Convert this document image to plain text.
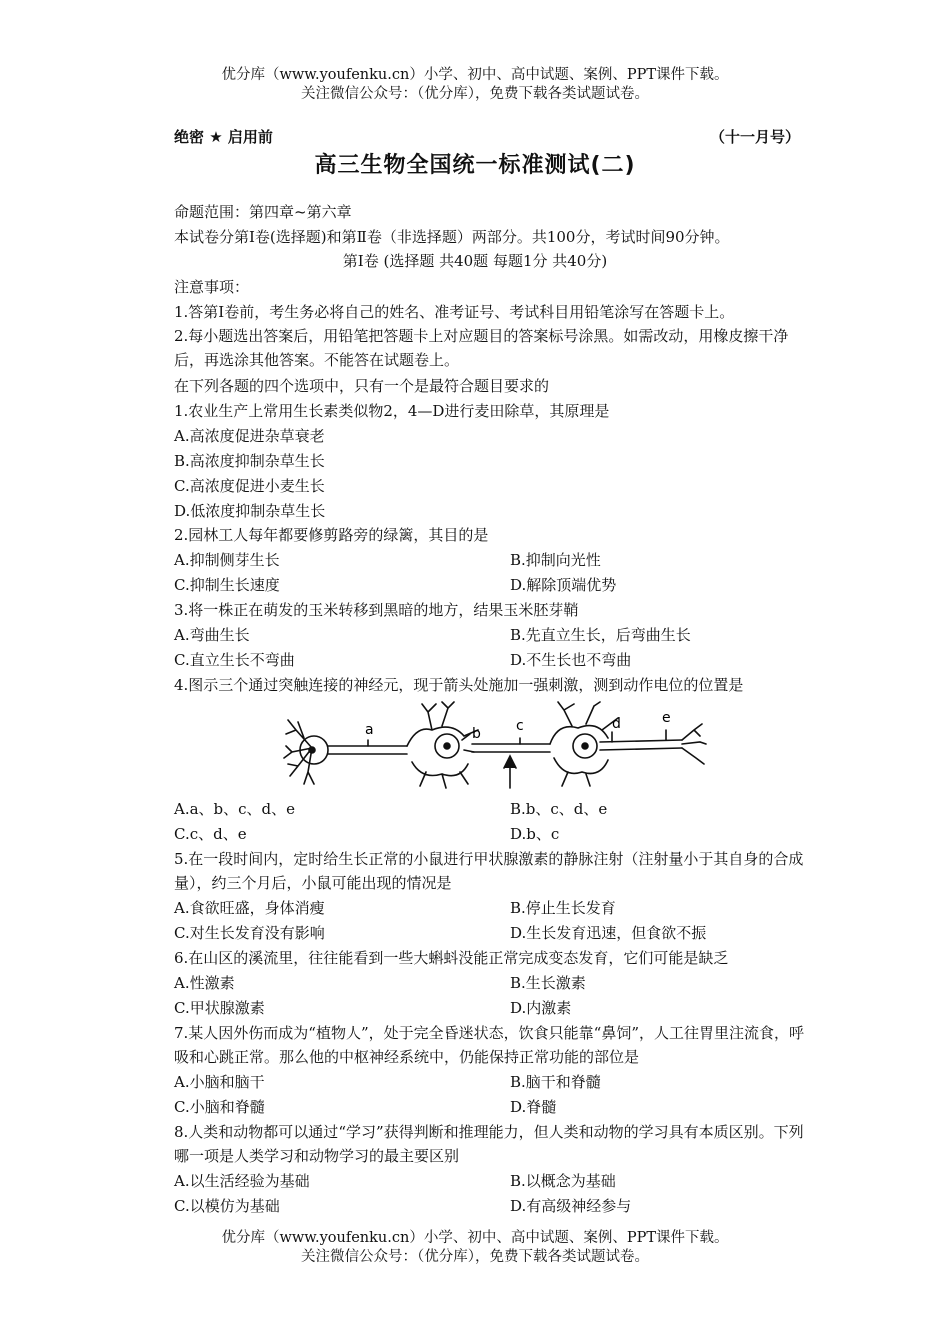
优分库（www.youfenku.cn）小学、初中、高中试题、案例、PPT课件下载。
关注微信公众号：（优分库），免费下载各类试题试卷。
绝密 ★ 启用前	（十一月号）
高三生物全国统一标准测试(二)
命题范围：第四章~第六章
本试卷分第Ⅰ卷(选择题)和第Ⅱ卷（非选择题）两部分。共100分，考试时间90分钟。
第Ⅰ卷 (选择题 共40题 每题1分 共40分)
注意事项：
1.答第Ⅰ卷前，考生务必将自己的姓名、准考证号、考试科目用铅笔涂写在答题卡上。
2.每小题选出答案后，用铅笔把答题卡上对应题目的答案标号涂黑。如需改动，用橡皮擦干净后，再选涂其他答案。不能答在试题卷上。
在下列各题的四个选项中，只有一个是最符合题目要求的
1.农业生产上常用生长素类似物2，4—D进行麦田除草，其原理是
A.高浓度促进杂草衰老
B.高浓度抑制杂草生长
C.高浓度促进小麦生长
D.低浓度抑制杂草生长
2.园林工人每年都要修剪路旁的绿篱，其目的是
A.抑制侧芽生长	B.抑制向光性
C.抑制生长速度	D.解除顶端优势
3.将一株正在萌发的玉米转移到黑暗的地方，结果玉米胚芽鞘
A.弯曲生长	B.先直立生长，后弯曲生长
C.直立生长不弯曲	D.不生长也不弯曲
4.图示三个通过突触连接的神经元，现于箭头处施加一强刺激，测到动作电位的位置是
a	b	c	d	e
A.a、b、c、d、e	B.b、c、d、e
C.c、d、e	D.b、c
5.在一段时间内，定时给生长正常的小鼠进行甲状腺激素的静脉注射（注射量小于其自身的合成量），约三个月后，小鼠可能出现的情况是
A.食欲旺盛，身体消瘦	B.停止生长发育
C.对生长发育没有影响	D.生长发育迅速，但食欲不振
6.在山区的溪流里，往往能看到一些大蝌蚪没能正常完成变态发育，它们可能是缺乏
A.性激素	B.生长激素
C.甲状腺激素	D.内激素
7.某人因外伤而成为“植物人”，处于完全昏迷状态，饮食只能靠“鼻饲”，人工往胃里注流食，呼吸和心跳正常。那么他的中枢神经系统中，仍能保持正常功能的部位是
A.小脑和脑干	B.脑干和脊髓
C.小脑和脊髓	D.脊髓
8.人类和动物都可以通过“学习”获得判断和推理能力，但人类和动物的学习具有本质区别。下列哪一项是人类学习和动物学习的最主要区别
A.以生活经验为基础	B.以概念为基础
C.以模仿为基础	D.有高级神经参与
优分库（www.youfenku.cn）小学、初中、高中试题、案例、PPT课件下载。
关注微信公众号：（优分库），免费下载各类试题试卷。
